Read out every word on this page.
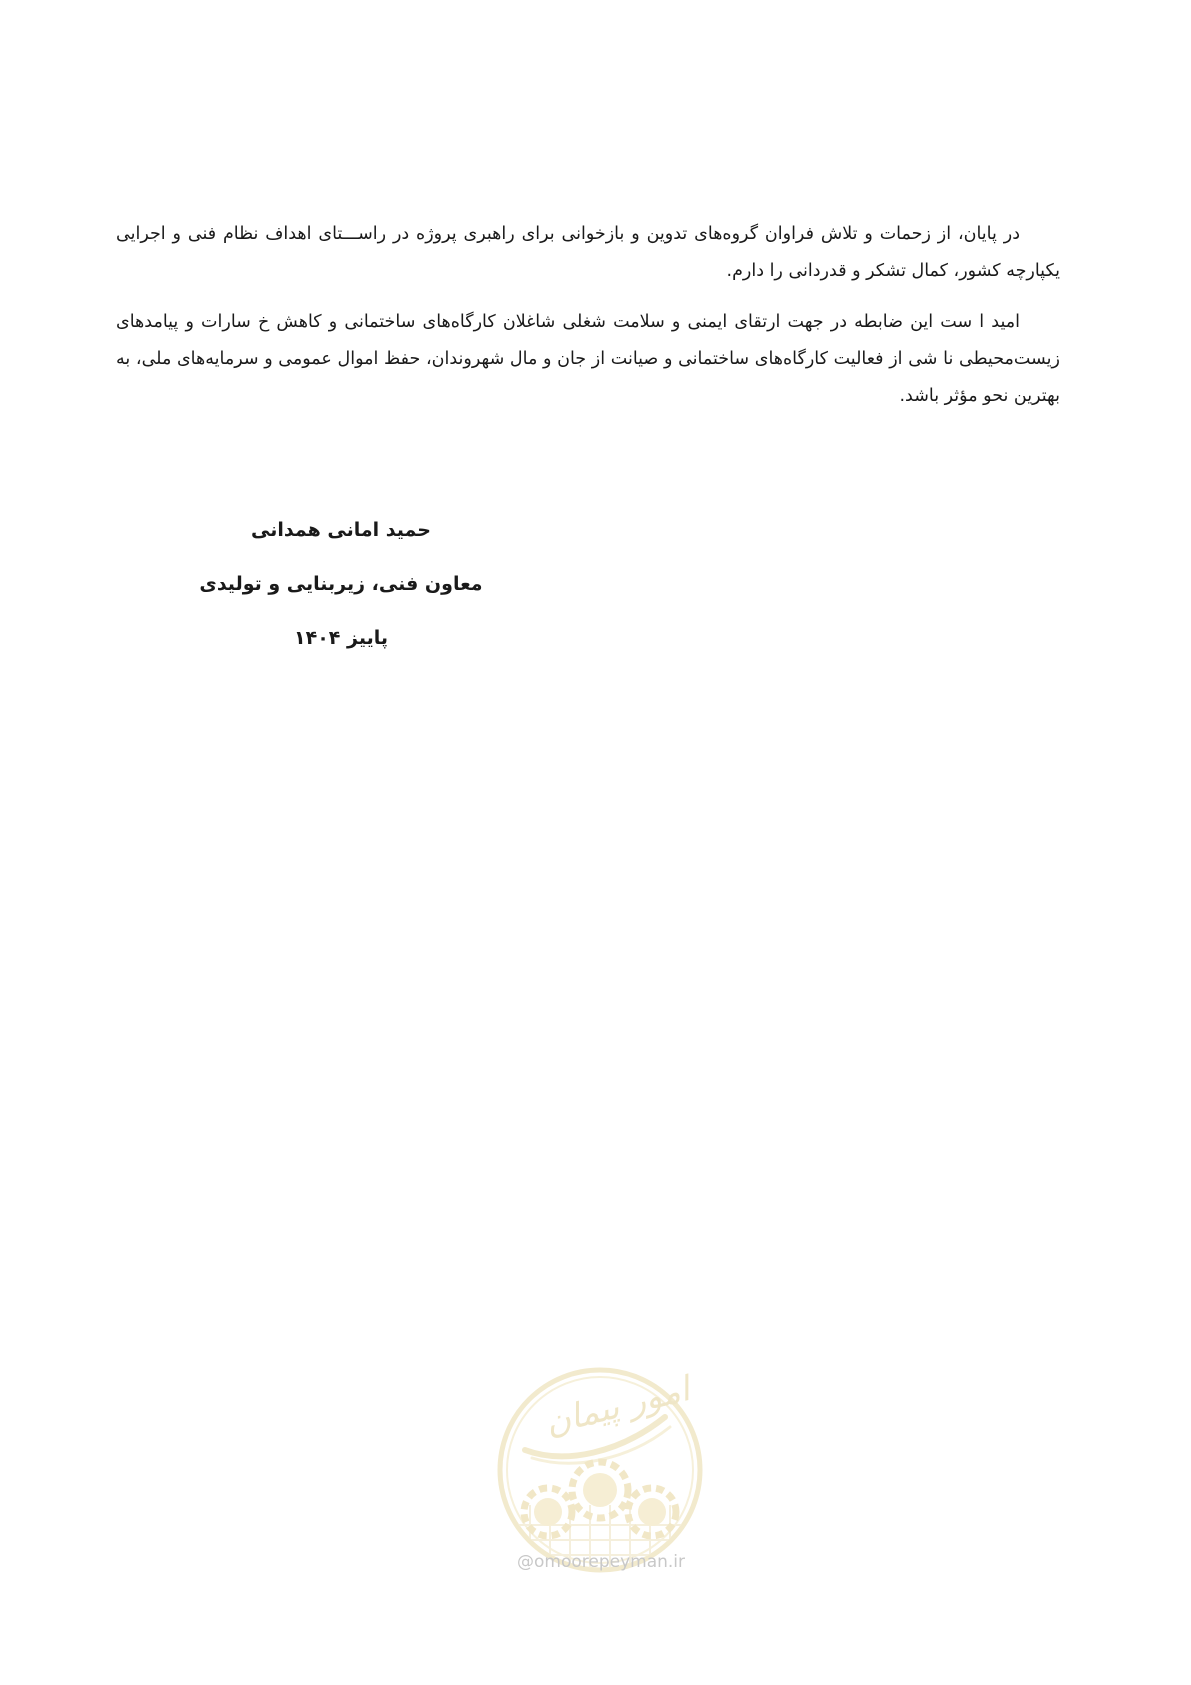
در پایان، از زحمات و تلاش فراوان گروه‌های تدوین و بازخوانی برای راهبری پروژه در راســـتای اهداف نظام فنی و اجرایی یکپارچه کشور، کمال تشکر و قدردانی را دارم.

امید ا ست این ضابطه در جهت ارتقای ایمنی و سلامت شغلی شاغلان کارگاه‌های ساختمانی و کاهش خ سارات و پیامدهای زیست‌محیطی نا شی از فعالیت کارگاه‌های ساختمانی و صیانت از جان و مال شهروندان، حفظ اموال عمومی و سرمایه‌های ملی، به بهترین نحو مؤثر باشد.

حمید امانی همدانی
معاون فنی، زیربنایی و تولیدی
پاییز ۱۴۰۴
امور پیمان
@omoorepeyman.ir
